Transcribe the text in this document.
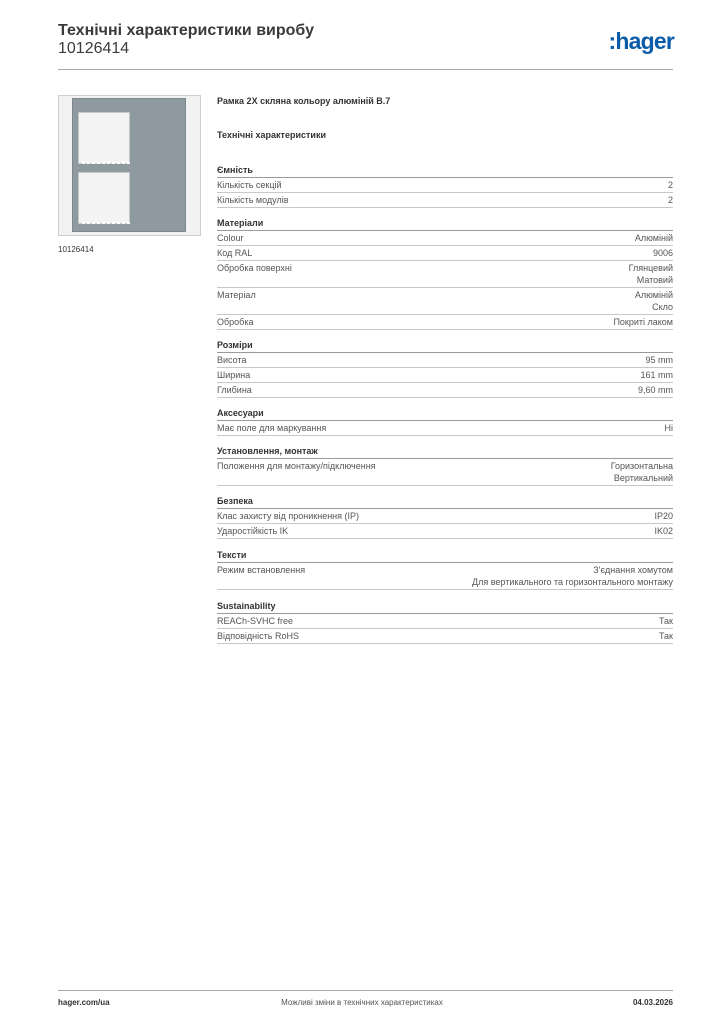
Технічні характеристики виробу
10126414	:hager
10126414
Рамка 2Х скляна кольору алюміній В.7
Технічні характеристики
Ємність
Кількість секцій	2
Кількість модулів	2
Матеріали
Colour	Алюміній
Код RAL	9006
Обробка поверхні	Глянцевий
Матовий
Матеріал	Алюміній
Скло
Обробка	Покриті лаком
Розміри
Висота	95 mm
Ширина	161 mm
Глибина	9,60 mm
Аксесуари
Має поле для маркування	Ні
Установлення, монтаж
Положення для монтажу/підключення	Горизонтальна
Вертикальний
Безпека
Клас захисту від проникнення (IP)	IP20
Ударостійкість IK	IK02
Тексти
Режим встановлення	З'єднання хомутом
Для вертикального та горизонтального монтажу
Sustainability
REACh-SVHC free	Так
Відповідність RoHS	Так
hager.com/ua	Можливі зміни в технічних характеристиках	04.03.2026
